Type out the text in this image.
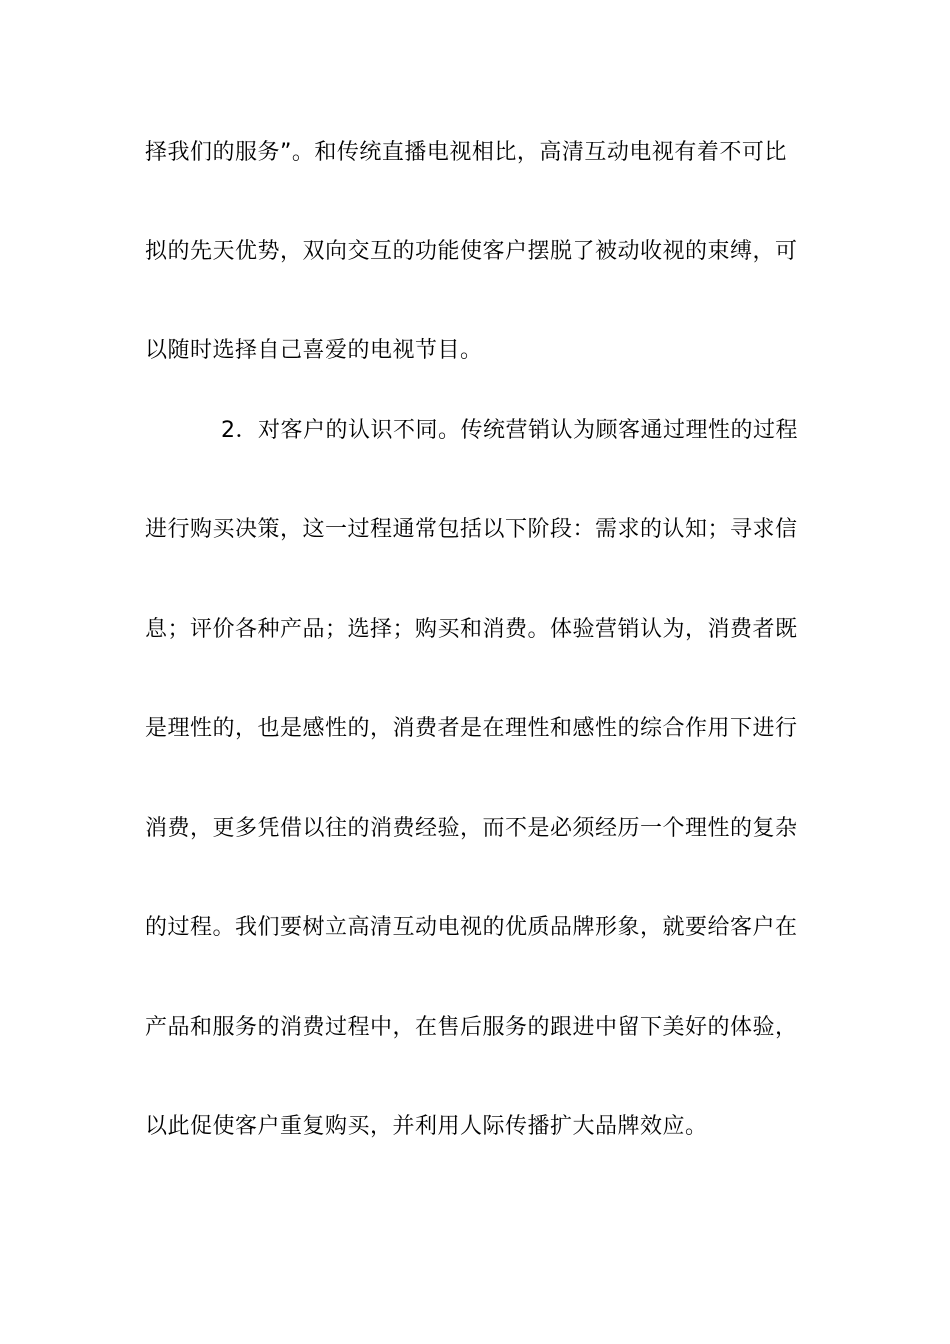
择我们的服务”。和传统直播电视相比，高清互动电视有着不可比
拟的先天优势，双向交互的功能使客户摆脱了被动收视的束缚，可
以随时选择自己喜爱的电视节目。
2．对客户的认识不同。传统营销认为顾客通过理性的过程
进行购买决策，这一过程通常包括以下阶段：需求的认知；寻求信
息；评价各种产品；选择；购买和消费。体验营销认为，消费者既
是理性的，也是感性的，消费者是在理性和感性的综合作用下进行
消费，更多凭借以往的消费经验，而不是必须经历一个理性的复杂
的过程。我们要树立高清互动电视的优质品牌形象，就要给客户在
产品和服务的消费过程中，在售后服务的跟进中留下美好的体验，
以此促使客户重复购买，并利用人际传播扩大品牌效应。
